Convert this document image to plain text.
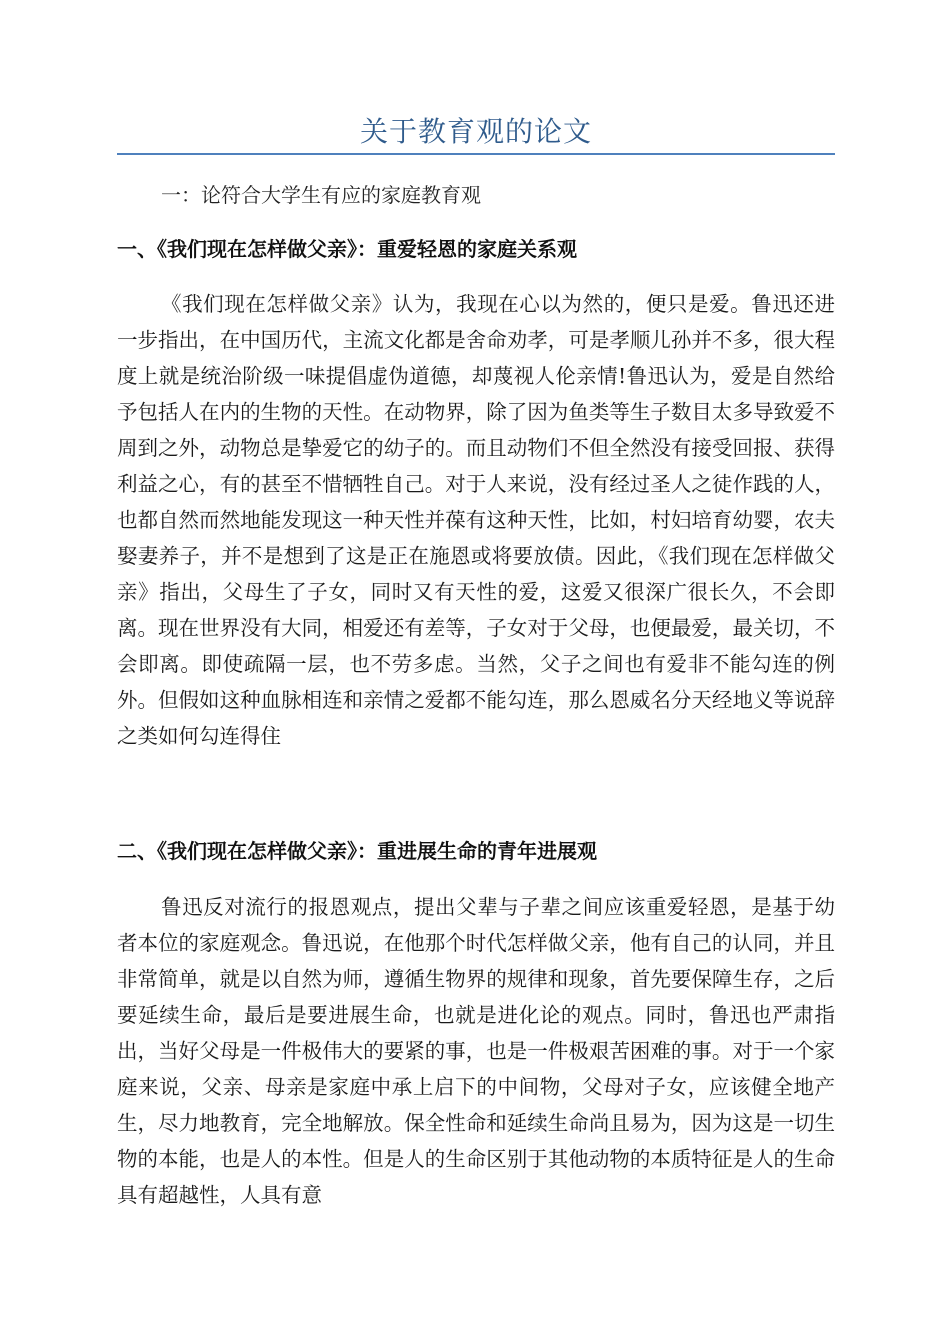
关于教育观的论文
一：论符合大学生有应的家庭教育观
一、《我们现在怎样做父亲》：重爱轻恩的家庭关系观
《我们现在怎样做父亲》认为，我现在心以为然的，便只是爱。鲁迅还进一步指出，在中国历代，主流文化都是舍命劝孝，可是孝顺儿孙并不多，很大程度上就是统治阶级一味提倡虚伪道德，却蔑视人伦亲情!鲁迅认为，爱是自然给予包括人在内的生物的天性。在动物界，除了因为鱼类等生子数目太多导致爱不周到之外，动物总是挚爱它的幼子的。而且动物们不但全然没有接受回报、获得利益之心，有的甚至不惜牺牲自己。对于人来说，没有经过圣人之徒作践的人，也都自然而然地能发现这一种天性并葆有这种天性，比如，村妇培育幼婴，农夫娶妻养子，并不是想到了这是正在施恩或将要放债。因此，《我们现在怎样做父亲》指出，父母生了子女，同时又有天性的爱，这爱又很深广很长久，不会即离。现在世界没有大同，相爱还有差等，子女对于父母，也便最爱，最关切，不会即离。即使疏隔一层，也不劳多虑。当然，父子之间也有爱非不能勾连的例外。但假如这种血脉相连和亲情之爱都不能勾连，那么恩威名分天经地义等说辞之类如何勾连得住
二、《我们现在怎样做父亲》：重进展生命的青年进展观
鲁迅反对流行的报恩观点，提出父辈与子辈之间应该重爱轻恩，是基于幼者本位的家庭观念。鲁迅说，在他那个时代怎样做父亲，他有自己的认同，并且非常简单，就是以自然为师，遵循生物界的规律和现象，首先要保障生存，之后要延续生命，最后是要进展生命，也就是进化论的观点。同时，鲁迅也严肃指出，当好父母是一件极伟大的要紧的事，也是一件极艰苦困难的事。对于一个家庭来说，父亲、母亲是家庭中承上启下的中间物，父母对子女，应该健全地产生，尽力地教育，完全地解放。保全性命和延续生命尚且易为，因为这是一切生物的本能，也是人的本性。但是人的生命区别于其他动物的本质特征是人的生命具有超越性，人具有意
